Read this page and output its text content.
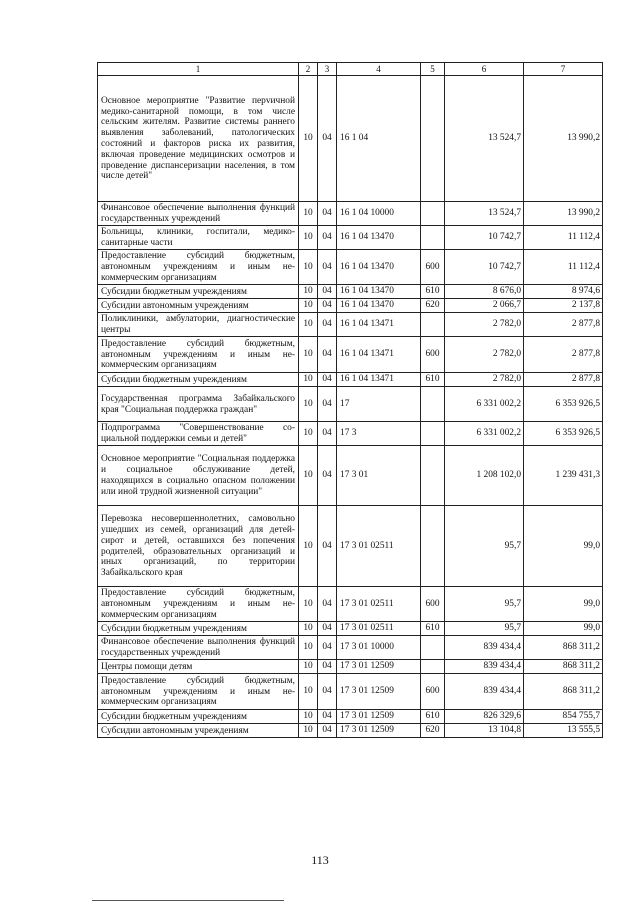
1	2	3	4	5	6	7
Основное мероприятие "Развитие перvичной медико-санитарной помощи, в том числе сельским жителям. Развитие системы раннего выявления заболеваний, патологических состояний и факторов риска их развития, включая проведение медицинских осмотров и проведение диспансеризации населения, в том числе детей"	10	04	16 1 04		13 524,7	13 990,2
Финансовое обеспечение выполнения функций государственных учреждений	10	04	16 1 04 10000		13 524,7	13 990,2
Больницы, клиники, госпитали, медико-санитарные части	10	04	16 1 04 13470		10 742,7	11 112,4
Предоставление субсидий бюджетным, автономным учреждениям и иным некоммерческим организациям	10	04	16 1 04 13470	600	10 742,7	11 112,4
Субсидии бюджетным учреждениям	10	04	16 1 04 13470	610	8 676,0	8 974,6
Субсидии автономным учреждениям	10	04	16 1 04 13470	620	2 066,7	2 137,8
Поликлиники, амбулатории, диагностические центры	10	04	16 1 04 13471		2 782,0	2 877,8
Предоставление субсидий бюджетным, автономным учреждениям и иным некоммерческим организациям	10	04	16 1 04 13471	600	2 782,0	2 877,8
Субсидии бюджетным учреждениям	10	04	16 1 04 13471	610	2 782,0	2 877,8
Государственная программа Забайкальского края "Социальная поддержка граждан"	10	04	17		6 331 002,2	6 353 926,5
Подпрограмма "Совершенствование социальной поддержки семьи и детей"	10	04	17 3		6 331 002,2	6 353 926,5
Основное мероприятие "Социальная поддержка и социальное обслуживание детей, находящихся в социально опасном положении или иной трудной жизненной ситуации"	10	04	17 3 01		1 208 102,0	1 239 431,3
Перевозка несовершеннолетних, самовольно ушедших из семей, организаций для детей-сирот и детей, оставшихся без попечения родителей, образовательных организаций и иных организаций, по территории Забайкальского края	10	04	17 3 01 02511		95,7	99,0
Предоставление субсидий бюджетным, автономным учреждениям и иным некоммерческим организациям	10	04	17 3 01 02511	600	95,7	99,0
Субсидии бюджетным учреждениям	10	04	17 3 01 02511	610	95,7	99,0
Финансовое обеспечение выполнения функций государственных учреждений	10	04	17 3 01 10000		839 434,4	868 311,2
Центры помощи детям	10	04	17 3 01 12509		839 434,4	868 311,2
Предоставление субсидий бюджетным, автономным учреждениям и иным некоммерческим организациям	10	04	17 3 01 12509	600	839 434,4	868 311,2
Субсидии бюджетным учреждениям	10	04	17 3 01 12509	610	826 329,6	854 755,7
Субсидии автономным учреждениям	10	04	17 3 01 12509	620	13 104,8	13 555,5
113
